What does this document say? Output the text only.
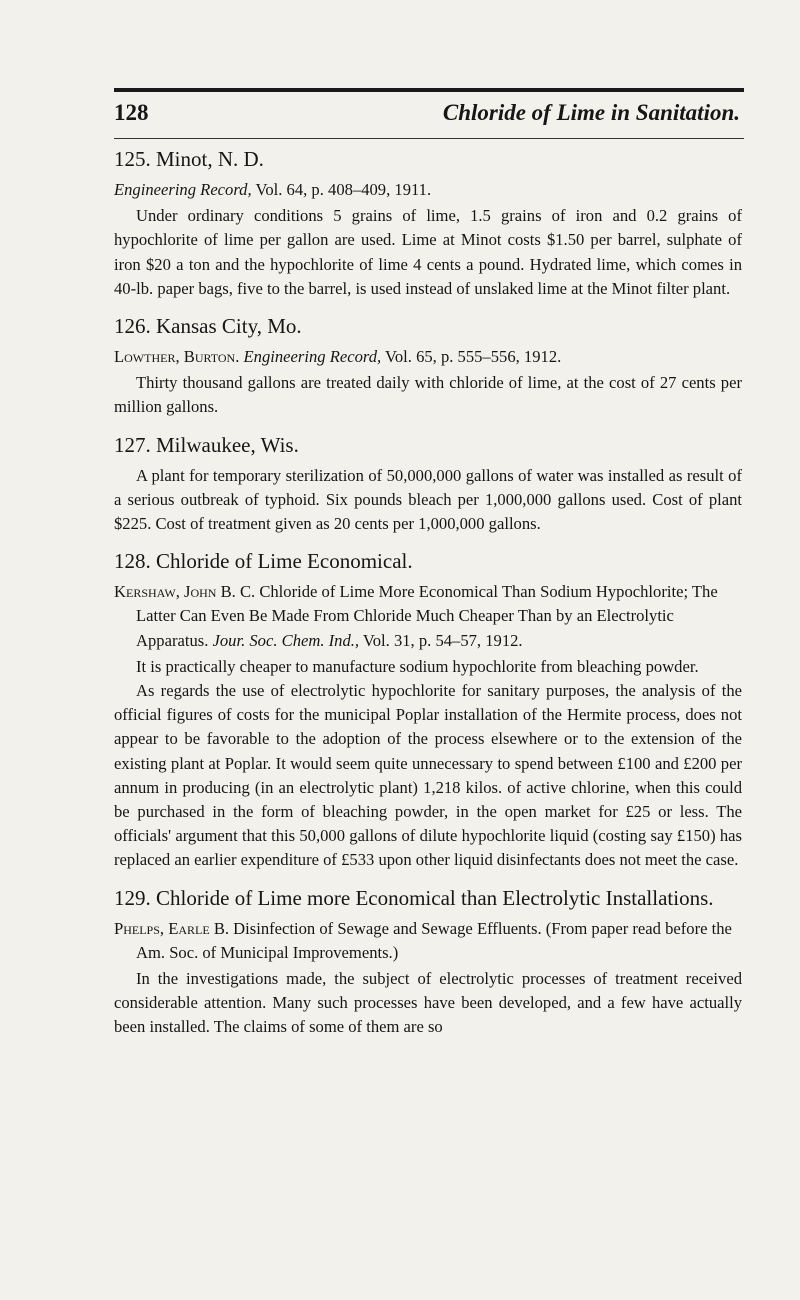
128	Chloride of Lime in Sanitation.
125. Minot, N. D.

Engineering Record, Vol. 64, p. 408–409, 1911.

Under ordinary conditions 5 grains of lime, 1.5 grains of iron and 0.2 grains of hypochlorite of lime per gallon are used. Lime at Minot costs $1.50 per barrel, sulphate of iron $20 a ton and the hypochlorite of lime 4 cents a pound. Hydrated lime, which comes in 40-lb. paper bags, five to the barrel, is used instead of unslaked lime at the Minot filter plant.

126. Kansas City, Mo.

Lowther, Burton. Engineering Record, Vol. 65, p. 555–556, 1912.

Thirty thousand gallons are treated daily with chloride of lime, at the cost of 27 cents per million gallons.

127. Milwaukee, Wis.

A plant for temporary sterilization of 50,000,000 gallons of water was installed as result of a serious outbreak of typhoid. Six pounds bleach per 1,000,000 gallons used. Cost of plant $225. Cost of treatment given as 20 cents per 1,000,000 gallons.

128. Chloride of Lime Economical.

Kershaw, John B. C. Chloride of Lime More Economical Than Sodium Hypochlorite; The Latter Can Even Be Made From Chloride Much Cheaper Than by an Electrolytic Apparatus. Jour. Soc. Chem. Ind., Vol. 31, p. 54–57, 1912.

It is practically cheaper to manufacture sodium hypochlorite from bleaching powder.

As regards the use of electrolytic hypochlorite for sanitary purposes, the analysis of the official figures of costs for the municipal Poplar installation of the Hermite process, does not appear to be favorable to the adoption of the process elsewhere or to the extension of the existing plant at Poplar. It would seem quite unnecessary to spend between £100 and £200 per annum in producing (in an electrolytic plant) 1,218 kilos. of active chlorine, when this could be purchased in the form of bleaching powder, in the open market for £25 or less. The officials' argument that this 50,000 gallons of dilute hypochlorite liquid (costing say £150) has replaced an earlier expenditure of £533 upon other liquid disinfectants does not meet the case.

129. Chloride of Lime more Economical than Electrolytic Installations.

Phelps, Earle B. Disinfection of Sewage and Sewage Effluents. (From paper read before the Am. Soc. of Municipal Improvements.)

In the investigations made, the subject of electrolytic processes of treatment received considerable attention. Many such processes have been developed, and a few have actually been installed. The claims of some of them are so
